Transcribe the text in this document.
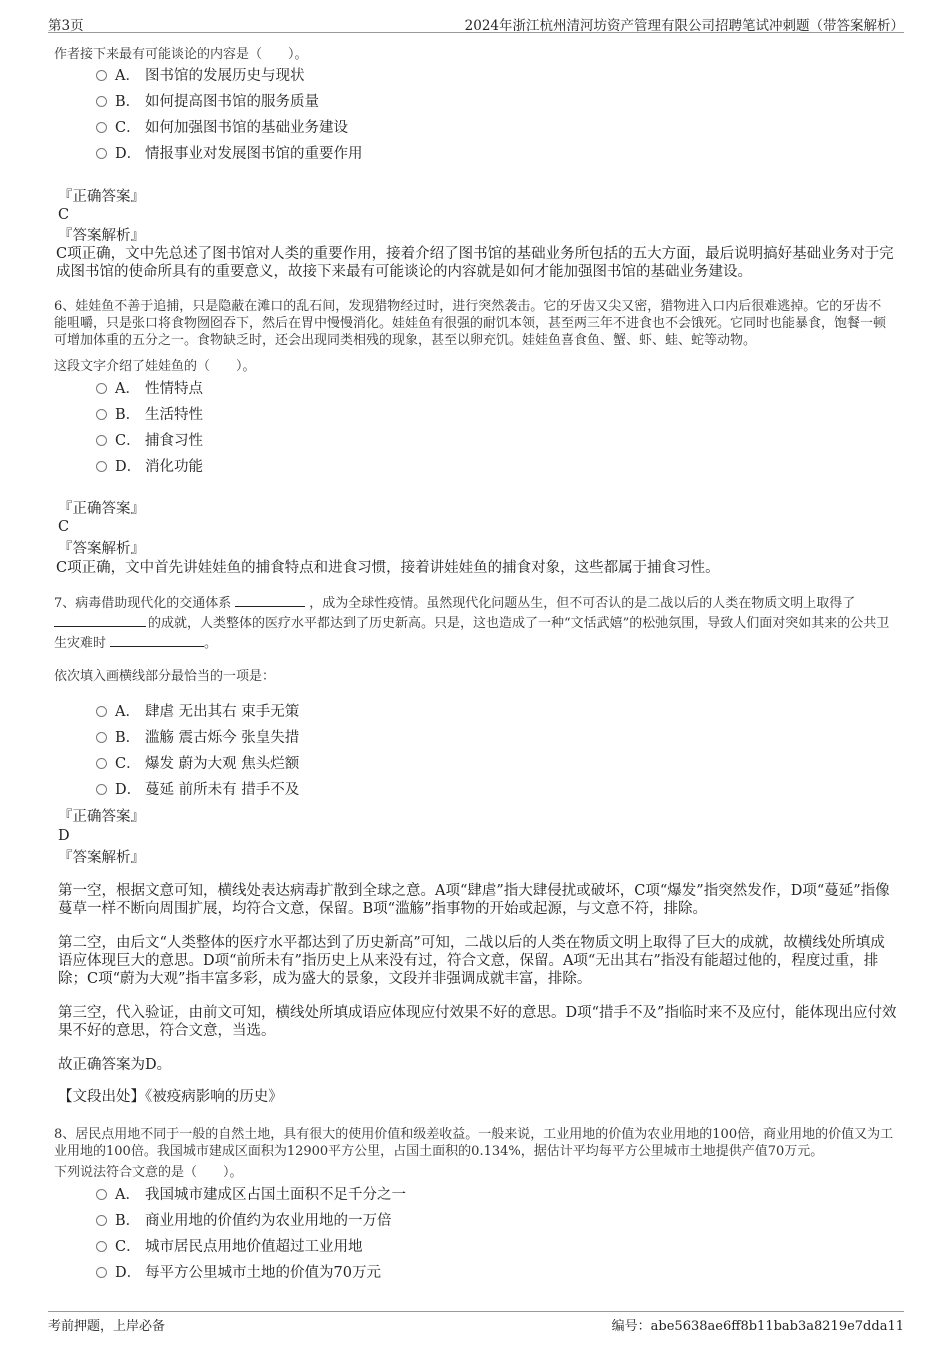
第3页	2024年浙江杭州清河坊资产管理有限公司招聘笔试冲刺题（带答案解析）
作者接下来最有可能谈论的内容是（　　）。
A． 图书馆的发展历史与现状
B． 如何提高图书馆的服务质量
C． 如何加强图书馆的基础业务建设
D． 情报事业对发展图书馆的重要作用
『正确答案』
C
『答案解析』
C项正确，文中先总述了图书馆对人类的重要作用，接着介绍了图书馆的基础业务所包括的五大方面，最后说明搞好基础业务对于完成图书馆的使命所具有的重要意义，故接下来最有可能谈论的内容就是如何才能加强图书馆的基础业务建设。
6、娃娃鱼不善于追捕，只是隐蔽在滩口的乱石间，发现猎物经过时，进行突然袭击。它的牙齿又尖又密，猎物进入口内后很难逃掉。它的牙齿不能咀嚼，只是张口将食物囫囵吞下，然后在胃中慢慢消化。娃娃鱼有很强的耐饥本领，甚至两三年不进食也不会饿死。它同时也能暴食，饱餐一顿可增加体重的五分之一。食物缺乏时，还会出现同类相残的现象，甚至以卵充饥。娃娃鱼喜食鱼、蟹、虾、蛙、蛇等动物。
这段文字介绍了娃娃鱼的（　　）。
A． 性情特点
B． 生活特性
C． 捕食习性
D． 消化功能
『正确答案』
C
『答案解析』
C项正确，文中首先讲娃娃鱼的捕食特点和进食习惯，接着讲娃娃鱼的捕食对象，这些都属于捕食习性。
7、病毒借助现代化的交通体系	，成为全球性疫情。虽然现代化问题丛生，但不可否认的是二战以后的人类在物质文明上取得了的成就，人类整体的医疗水平都达到了历史新高。只是，这也造成了一种“文恬武嬉”的松弛氛围，导致人们面对突如其来的公共卫生灾难时	。
依次填入画横线部分最恰当的一项是：
A． 肆虐 无出其右 束手无策
B． 滥觞 震古烁今 张皇失措
C． 爆发 蔚为大观 焦头烂额
D． 蔓延 前所未有 措手不及
『正确答案』
D
『答案解析』
第一空，根据文意可知，横线处表达病毒扩散到全球之意。A项“肆虐”指大肆侵扰或破坏，C项“爆发”指突然发作，D项“蔓延”指像蔓草一样不断向周围扩展，均符合文意，保留。B项“滥觞”指事物的开始或起源，与文意不符，排除。
第二空，由后文“人类整体的医疗水平都达到了历史新高”可知，二战以后的人类在物质文明上取得了巨大的成就，故横线处所填成语应体现巨大的意思。D项“前所未有”指历史上从来没有过，符合文意，保留。A项“无出其右”指没有能超过他的，程度过重，排除；C项“蔚为大观”指丰富多彩，成为盛大的景象，文段并非强调成就丰富，排除。
第三空，代入验证，由前文可知，横线处所填成语应体现应付效果不好的意思。D项“措手不及”指临时来不及应付，能体现出应付效果不好的意思，符合文意，当选。
故正确答案为D。
【文段出处】《被疫病影响的历史》
8、居民点用地不同于一般的自然土地，具有很大的使用价值和级差收益。一般来说，工业用地的价值为农业用地的100倍，商业用地的价值又为工业用地的100倍。我国城市建成区面积为12900平方公里，占国土面积的0.134%，据估计平均每平方公里城市土地提供产值70万元。
下列说法符合文意的是（　　）。
A． 我国城市建成区占国土面积不足千分之一
B． 商业用地的价值约为农业用地的一万倍
C． 城市居民点用地价值超过工业用地
D． 每平方公里城市土地的价值为70万元
考前押题，上岸必备	编号：abe5638ae6ff8b11bab3a8219e7dda11
